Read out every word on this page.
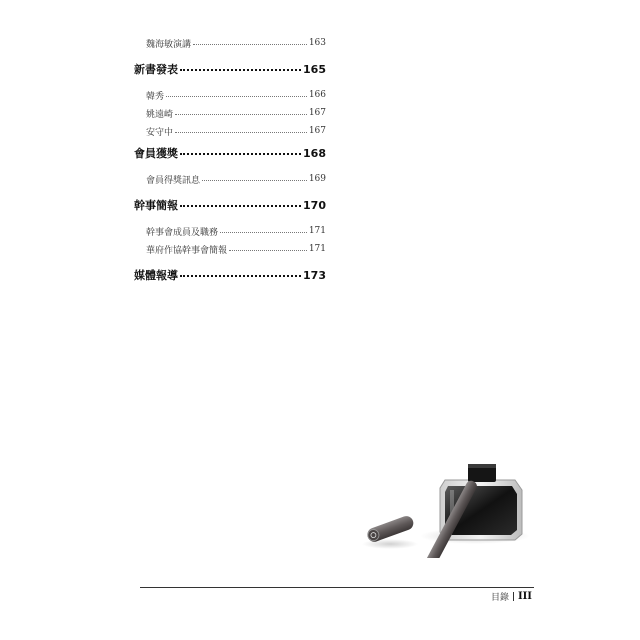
魏海敏演講	163
新書發表	165
韓秀	166
姚遠崎	167
安守中	167
會員獲獎	168
會員得獎訊息	169
幹事簡報	170
幹事會成員及職務	171
華府作協幹事會簡報	171
媒體報導	173
目錄 III
